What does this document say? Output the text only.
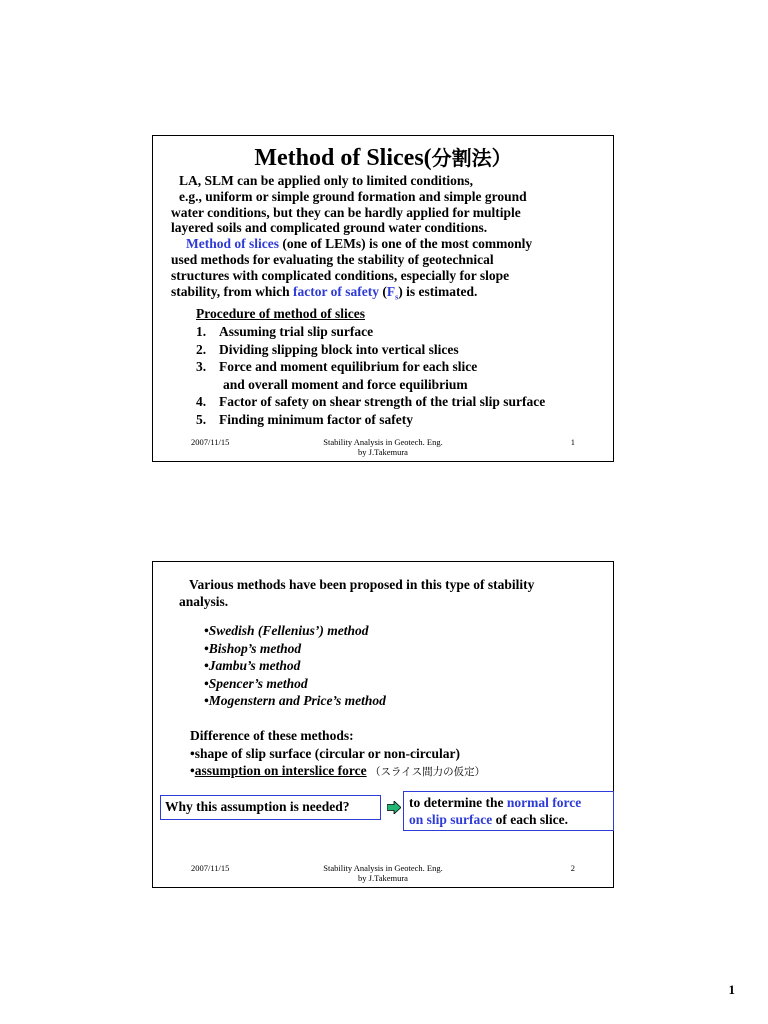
Method of Slices(分割法）
LA, SLM can be applied only to limited conditions,
e.g., uniform or simple ground formation and simple ground
water conditions, but they can be hardly applied for multiple
layered soils and complicated ground water conditions.
Method of slices (one of LEMs) is one of the most commonly
used methods for evaluating the stability of geotechnical
structures with complicated conditions, especially for slope
stability, from which factor of safety $(F_s)$ is estimated.
Procedure of method of slices
1. Assuming trial slip surface
2. Dividing slipping block into vertical slices
3. Force and moment equilibrium for each slice
and overall moment and force equilibrium
4. Factor of safety on shear strength of the trial slip surface
5. Finding minimum factor of safety
2007/11/15	Stability Analysis in Geotech. Eng.
by J.Takemura
1
Various methods have been proposed in this type of stability
analysis.
•Swedish (Fellenius’) method
•Bishop’s method
•Jambu’s method
•Spencer’s method
•Mogenstern and Price’s method
Difference of these methods:
•shape of slip surface (circular or non-circular)
•assumption on interslice force （スライス間力の仮定）
Why this assumption is needed?	to determine the normal force
on slip surface of each slice.
2007/11/15	Stability Analysis in Geotech. Eng.
by J.Takemura
2
1
